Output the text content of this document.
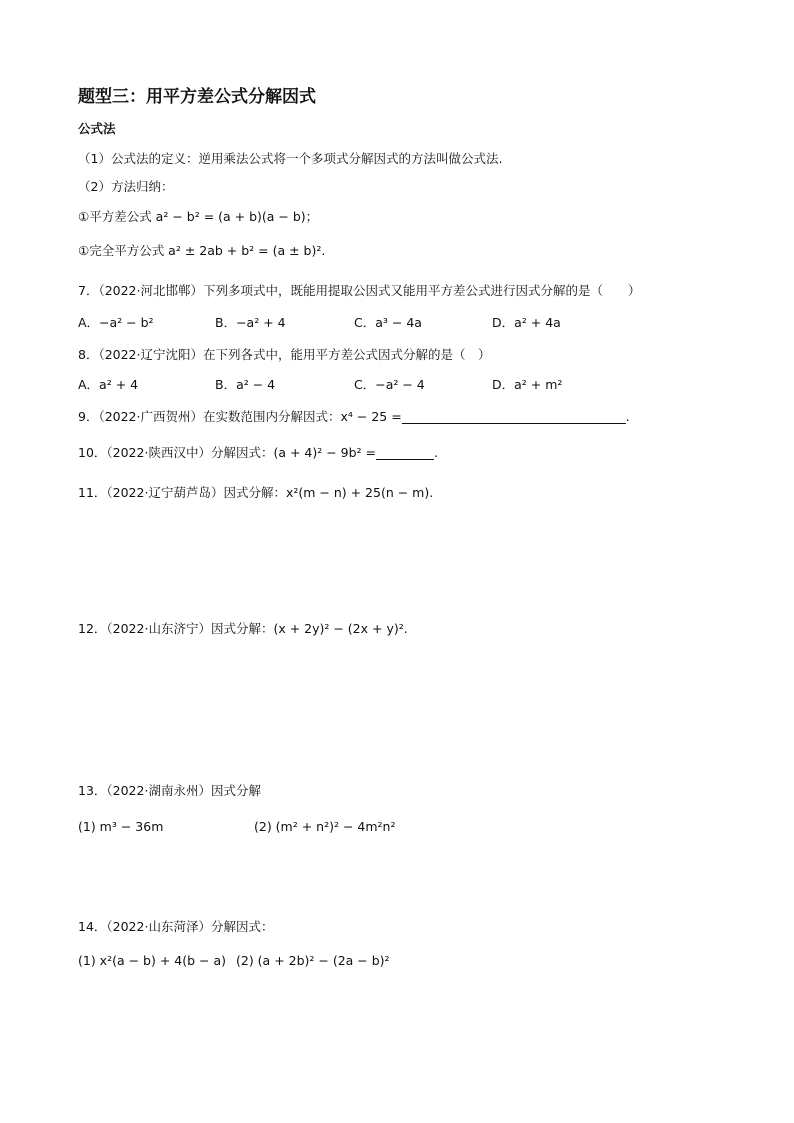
题型三：用平方差公式分解因式
公式法
（1）公式法的定义：逆用乘法公式将一个多项式分解因式的方法叫做公式法.
（2）方法归纳：
①平方差公式 a² − b² = (a + b)(a − b)；
①完全平方公式 a² ± 2ab + b² = (a ± b)².
7．（2022·河北邯郸）下列多项式中，既能用提取公因式又能用平方差公式进行因式分解的是（　　）
A．−a² − b²	B．−a² + 4	C．a³ − 4a	D．a² + 4a
8．（2022·辽宁沈阳）在下列各式中，能用平方差公式因式分解的是（　）
A．a² + 4	B．a² − 4	C．−a² − 4	D．a² + m²
9．（2022·广西贺州）在实数范围内分解因式：x⁴ − 25 =	.
10．（2022·陕西汉中）分解因式：(a + 4)² − 9b² =	.
11．（2022·辽宁葫芦岛）因式分解：x²(m − n) + 25(n − m).
12．（2022·山东济宁）因式分解：(x + 2y)² − (2x + y)².
13．（2022·湖南永州）因式分解
(1) m³ − 36m	(2) (m² + n²)² − 4m²n²
14．（2022·山东菏泽）分解因式：
(1) x²(a − b) + 4(b − a) (2) (a + 2b)² − (2a − b)²
